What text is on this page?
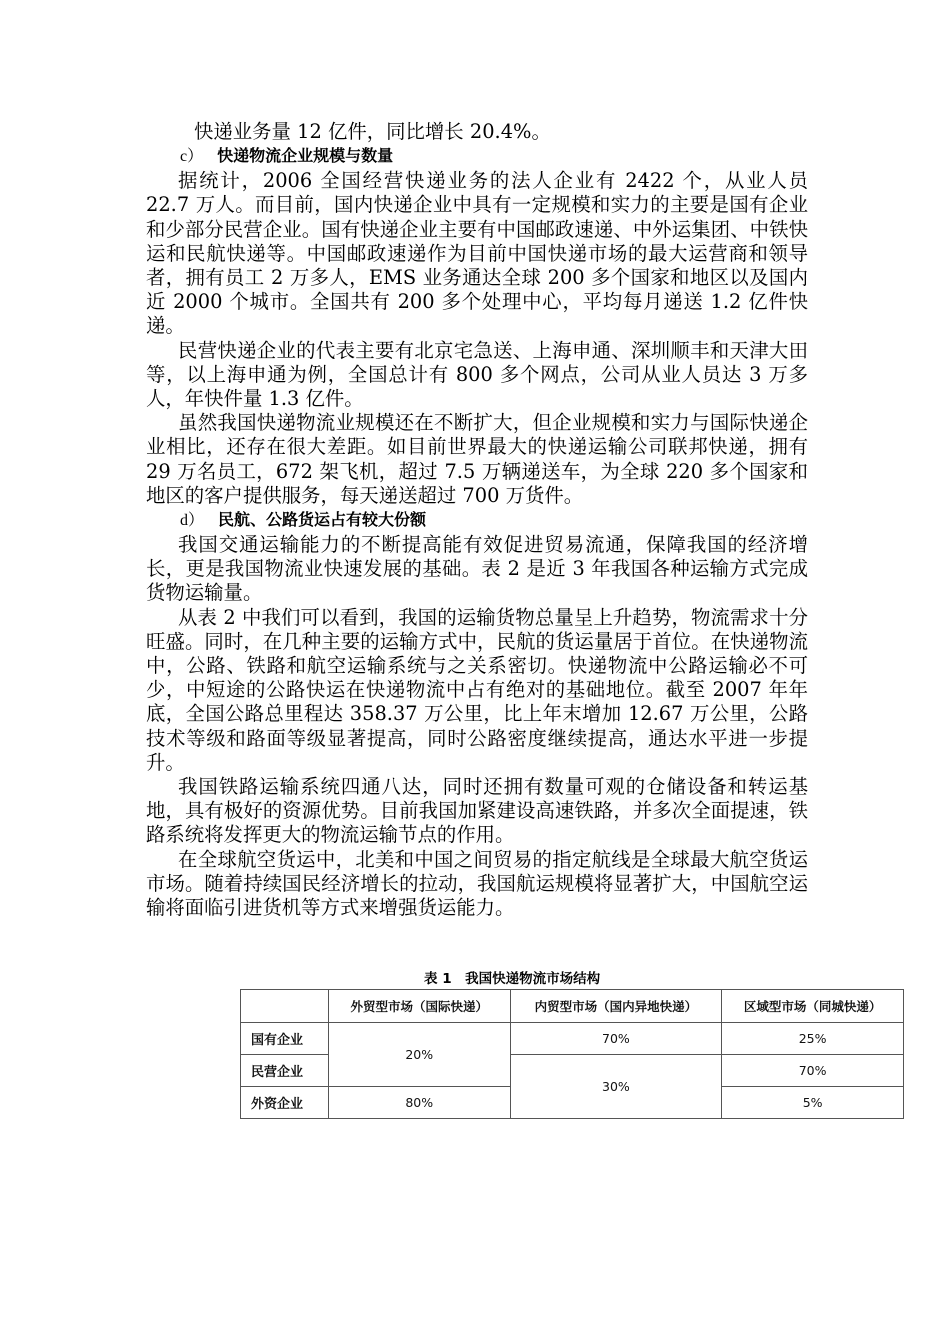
快递业务量 12 亿件，同比增长 20.4%。

c） 快递物流企业规模与数量

据统计，2006 全国经营快递业务的法人企业有 2422 个，从业人员 22.7 万人。而目前，国内快递企业中具有一定规模和实力的主要是国有企业和少部分民营企业。国有快递企业主要有中国邮政速递、中外运集团、中铁快运和民航快递等。中国邮政速递作为目前中国快递市场的最大运营商和领导者，拥有员工 2 万多人，EMS 业务通达全球 200 多个国家和地区以及国内近 2000 个城市。全国共有 200 多个处理中心，平均每月递送 1.2 亿件快递。

民营快递企业的代表主要有北京宅急送、上海申通、深圳顺丰和天津大田等，以上海申通为例，全国总计有 800 多个网点，公司从业人员达 3 万多人，年快件量 1.3 亿件。

虽然我国快递物流业规模还在不断扩大，但企业规模和实力与国际快递企业相比，还存在很大差距。如目前世界最大的快递运输公司联邦快递，拥有 29 万名员工，672 架飞机，超过 7.5 万辆递送车，为全球 220 多个国家和地区的客户提供服务，每天递送超过 700 万货件。

d） 民航、公路货运占有较大份额

我国交通运输能力的不断提高能有效促进贸易流通，保障我国的经济增长，更是我国物流业快速发展的基础。表 2 是近 3 年我国各种运输方式完成货物运输量。

从表 2 中我们可以看到，我国的运输货物总量呈上升趋势，物流需求十分旺盛。同时，在几种主要的运输方式中，民航的货运量居于首位。在快递物流中，公路、铁路和航空运输系统与之关系密切。快递物流中公路运输必不可少，中短途的公路快运在快递物流中占有绝对的基础地位。截至 2007 年年底，全国公路总里程达 358.37 万公里，比上年末增加 12.67 万公里，公路技术等级和路面等级显著提高，同时公路密度继续提高，通达水平进一步提升。

我国铁路运输系统四通八达，同时还拥有数量可观的仓储设备和转运基地，具有极好的资源优势。目前我国加紧建设高速铁路，并多次全面提速，铁路系统将发挥更大的物流运输节点的作用。

在全球航空货运中，北美和中国之间贸易的指定航线是全球最大航空货运市场。随着持续国民经济增长的拉动，我国航运规模将显著扩大，中国航空运输将面临引进货机等方式来增强货运能力。

表 1　我国快递物流市场结构
	外贸型市场（国际快递）	内贸型市场（国内异地快递）	区域型市场（同城快递）
国有企业	20%	70%	25%
民营企业		30%	70%
外资企业	80%		5%
